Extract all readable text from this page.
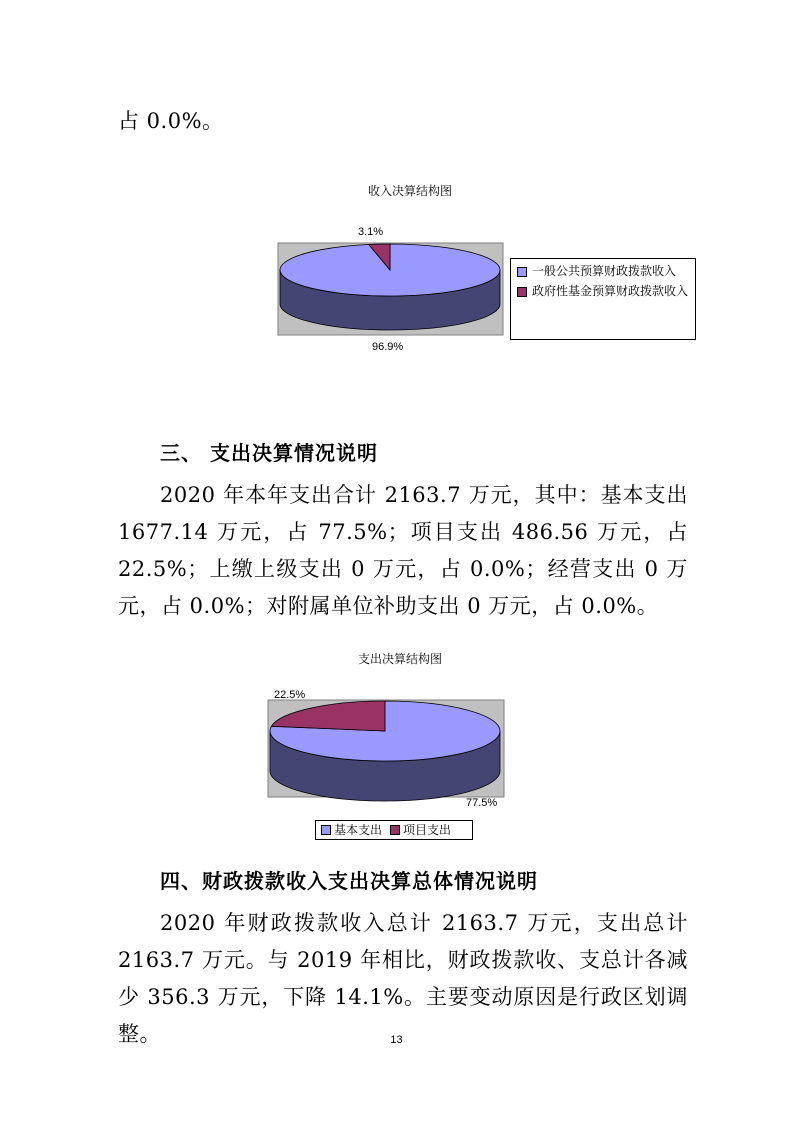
占 0.0%。

收入决算结构图

3.1%

96.9%

一般公共预算财政拨款收入
政府性基金预算财政拨款收入

三、 支出决算情况说明

2020 年本年支出合计 2163.7 万元，其中：基本支出 1677.14 万元，占 77.5%；项目支出 486.56 万元，占 22.5%；上缴上级支出 0 万元，占 0.0%；经营支出 0 万元，占 0.0%；对附属单位补助支出 0 万元，占 0.0%。

支出决算结构图

22.5%

77.5%

基本支出 项目支出

四、财政拨款收入支出决算总体情况说明

2020 年财政拨款收入总计 2163.7 万元，支出总计 2163.7 万元。与 2019 年相比，财政拨款收、支总计各减少 356.3 万元，下降 14.1%。主要变动原因是行政区划调整。	13
